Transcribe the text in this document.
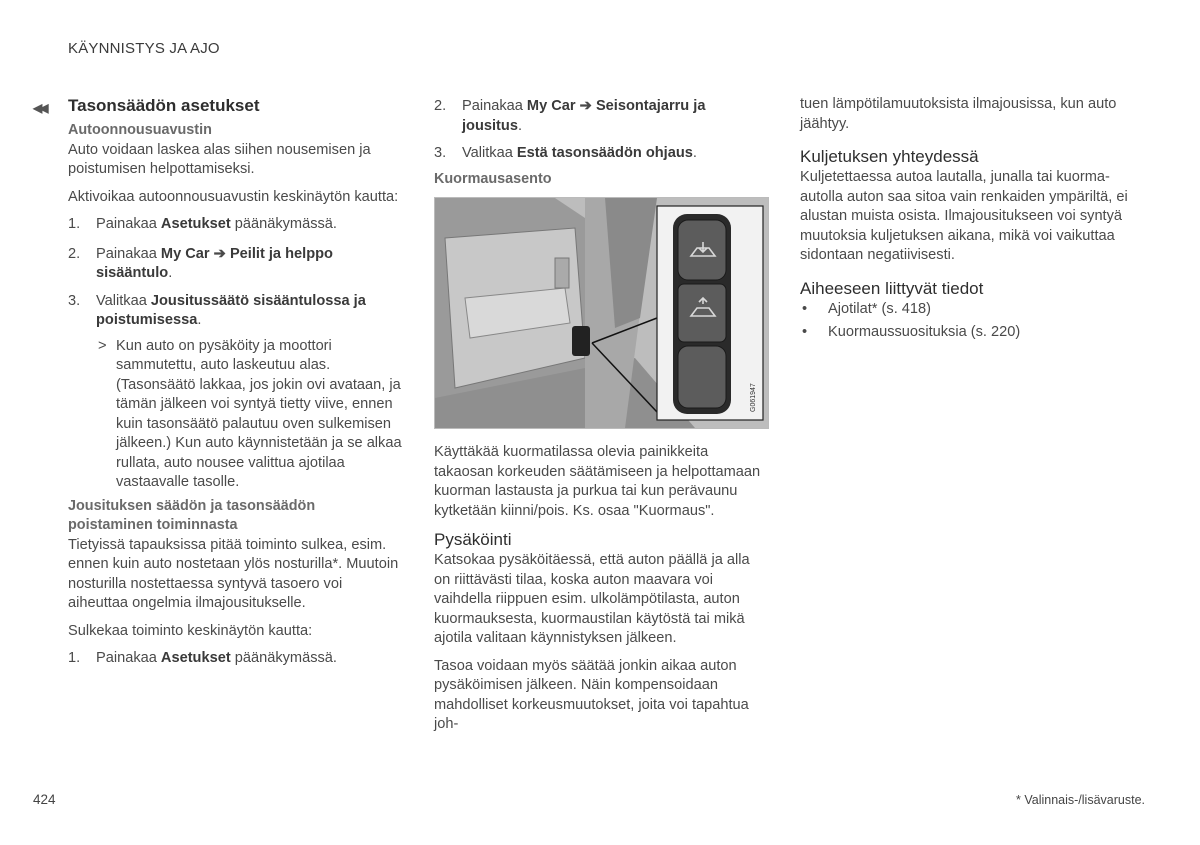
KÄYNNISTYS JA AJO
◀◀ Tasonsäädön asetukset

Autoonnousuavustin

Auto voidaan laskea alas siihen nousemisen ja poistumisen helpottamiseksi.

Aktivoikaa autoonnousuavustin keskinäytön kautta:

1. Painakaa Asetukset päänäkymässä.
2. Painakaa My Car ➔ Peilit ja helppo sisääntulo.
3. Valitkaa Jousitussäätö sisääntulossa ja poistumisessa.
> Kun auto on pysäköity ja moottori sammutettu, auto laskeutuu alas. (Tasonsäätö lakkaa, jos jokin ovi avataan, ja tämän jälkeen voi syntyä tietty viive, ennen kuin tasonsäätö palautuu oven sulkemisen jälkeen.) Kun auto käynnistetään ja se alkaa rullata, auto nousee valittua ajotilaa vastaavalle tasolle.

Jousituksen säädön ja tasonsäädön poistaminen toiminnasta

Tietyissä tapauksissa pitää toiminto sulkea, esim. ennen kuin auto nostetaan ylös nosturilla*. Muutoin nosturilla nostettaessa syntyvä tasoero voi aiheuttaa ongelmia ilmajousitukselle.

Sulkekaa toiminto keskinäytön kautta:

1. Painakaa Asetukset päänäkymässä.
2. Painakaa My Car ➔ Seisontajarru ja jousitus.
3. Valitkaa Estä tasonsäädön ohjaus.

Kuormausasento

G061947

Käyttäkää kuormatilassa olevia painikkeita takaosan korkeuden säätämiseen ja helpottamaan kuorman lastausta ja purkua tai kun perävaunu kytketään kiinni/pois. Ks. osaa "Kuormaus".

Pysäköinti

Katsokaa pysäköitäessä, että auton päällä ja alla on riittävästi tilaa, koska auton maavara voi vaihdella riippuen esim. ulkolämpötilasta, auton kuormauksesta, kuormaustilan käytöstä tai mikä ajotila valitaan käynnistyksen jälkeen.

Tasoa voidaan myös säätää jonkin aikaa auton pysäköimisen jälkeen. Näin kompensoidaan mahdolliset korkeusmuutokset, joita voi tapahtua joh-

tuen lämpötilamuutoksista ilmajousissa, kun auto jäähtyy.

Kuljetuksen yhteydessä

Kuljetettaessa autoa lautalla, junalla tai kuorma-autolla auton saa sitoa vain renkaiden ympäriltä, ei alustan muista osista. Ilmajousitukseen voi syntyä muutoksia kuljetuksen aikana, mikä voi vaikuttaa sidontaan negatiivisesti.

Aiheeseen liittyvät tiedot

• Ajotilat* (s. 418)
• Kuormaussuosituksia (s. 220)
424	* Valinnais-/lisävaruste.
